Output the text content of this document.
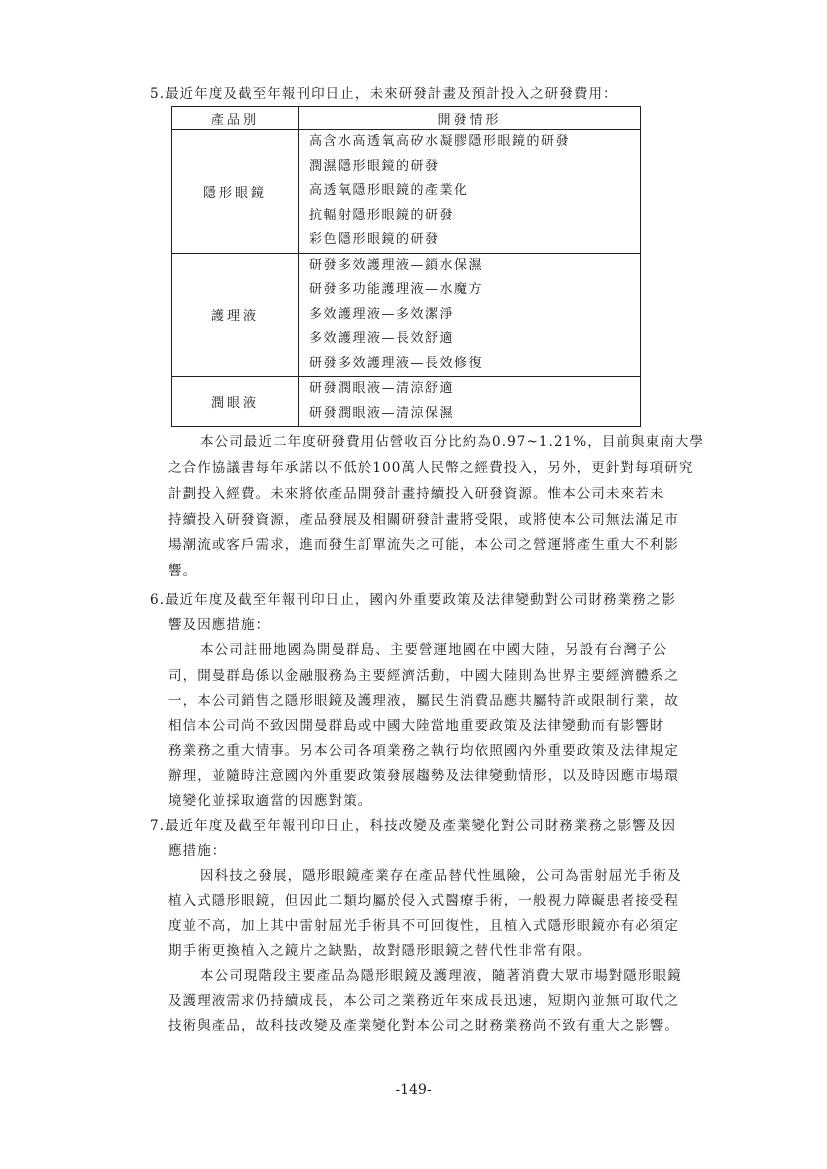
5.最近年度及截至年報刊印日止，未來研發計畫及預計投入之研發費用：
產品別	開發情形
隱形眼鏡	高含水高透氧高矽水凝膠隱形眼鏡的研發
潤濕隱形眼鏡的研發
高透氧隱形眼鏡的產業化
抗輻射隱形眼鏡的研發
彩色隱形眼鏡的研發

護理液	研發多效護理液—鎖水保濕
研發多功能護理液—水魔方
多效護理液—多效潔淨
多效護理液—長效舒適
研發多效護理液—長效修復

潤眼液	研發潤眼液—清涼舒適
研發潤眼液—清涼保濕
本公司最近二年度研發費用佔營收百分比約為0.97~1.21%，目前與東南大學
之合作協議書每年承諾以不低於100萬人民幣之經費投入，另外，更針對每項研究
計劃投入經費。未來將依產品開發計畫持續投入研發資源。惟本公司未來若未
持續投入研發資源，產品發展及相關研發計畫將受限，或將使本公司無法滿足市
場潮流或客戶需求，進而發生訂單流失之可能，本公司之營運將產生重大不利影
響。
6.最近年度及截至年報刊印日止，國內外重要政策及法律變動對公司財務業務之影
響及因應措施：
本公司註冊地國為開曼群島、主要營運地國在中國大陸，另設有台灣子公
司，開曼群島係以金融服務為主要經濟活動，中國大陸則為世界主要經濟體系之
一，本公司銷售之隱形眼鏡及護理液，屬民生消費品應共屬特許或限制行業，故
相信本公司尚不致因開曼群島或中國大陸當地重要政策及法律變動而有影響財
務業務之重大情事。另本公司各項業務之執行均依照國內外重要政策及法律規定
辦理，並隨時注意國內外重要政策發展趨勢及法律變動情形，以及時因應市場環
境變化並採取適當的因應對策。
7.最近年度及截至年報刊印日止，科技改變及產業變化對公司財務業務之影響及因
應措施：
因科技之發展，隱形眼鏡產業存在產品替代性風險，公司為雷射屈光手術及
植入式隱形眼鏡，但因此二類均屬於侵入式醫療手術，一般視力障礙患者接受程
度並不高，加上其中雷射屈光手術具不可回復性，且植入式隱形眼鏡亦有必須定
期手術更換植入之鏡片之缺點，故對隱形眼鏡之替代性非常有限。
本公司現階段主要產品為隱形眼鏡及護理液，隨著消費大眾市場對隱形眼鏡
及護理液需求仍持續成長，本公司之業務近年來成長迅速，短期內並無可取代之
技術與產品，故科技改變及產業變化對本公司之財務業務尚不致有重大之影響。
-149-
